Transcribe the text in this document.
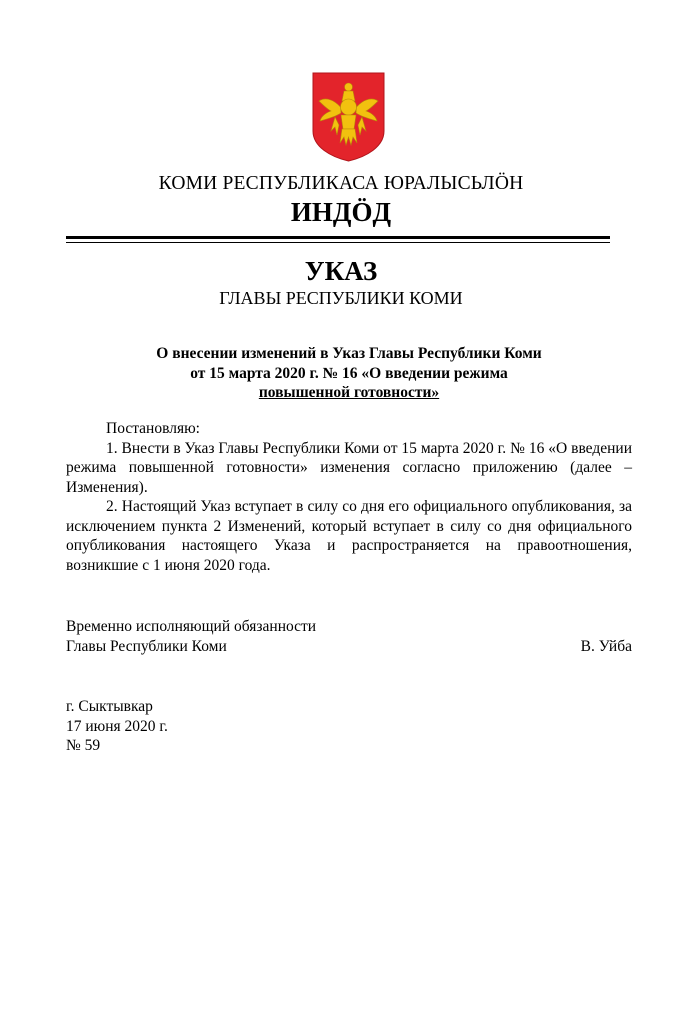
КОМИ РЕСПУБЛИКАСА ЮРАЛЫСЬЛÖН
ИНДÖД
УКАЗ
ГЛАВЫ РЕСПУБЛИКИ КОМИ
О внесении изменений в Указ Главы Республики Коми
от 15 марта 2020 г. № 16 «О введении режима
повышенной готовности»

Постановляю:

1. Внести в Указ Главы Республики Коми от 15 марта 2020 г. № 16 «О введении режима повышенной готовности» изменения согласно приложению (далее – Изменения).

2. Настоящий Указ вступает в силу со дня его официального опубликования, за исключением пункта 2 Изменений, который вступает в силу со дня официального опубликования настоящего Указа и распространяется на правоотношения, возникшие с 1 июня 2020 года.

Временно исполняющий обязанности
Главы Республики Коми	В. Уйба
г. Сыктывкар
17 июня 2020 г.
№ 59
